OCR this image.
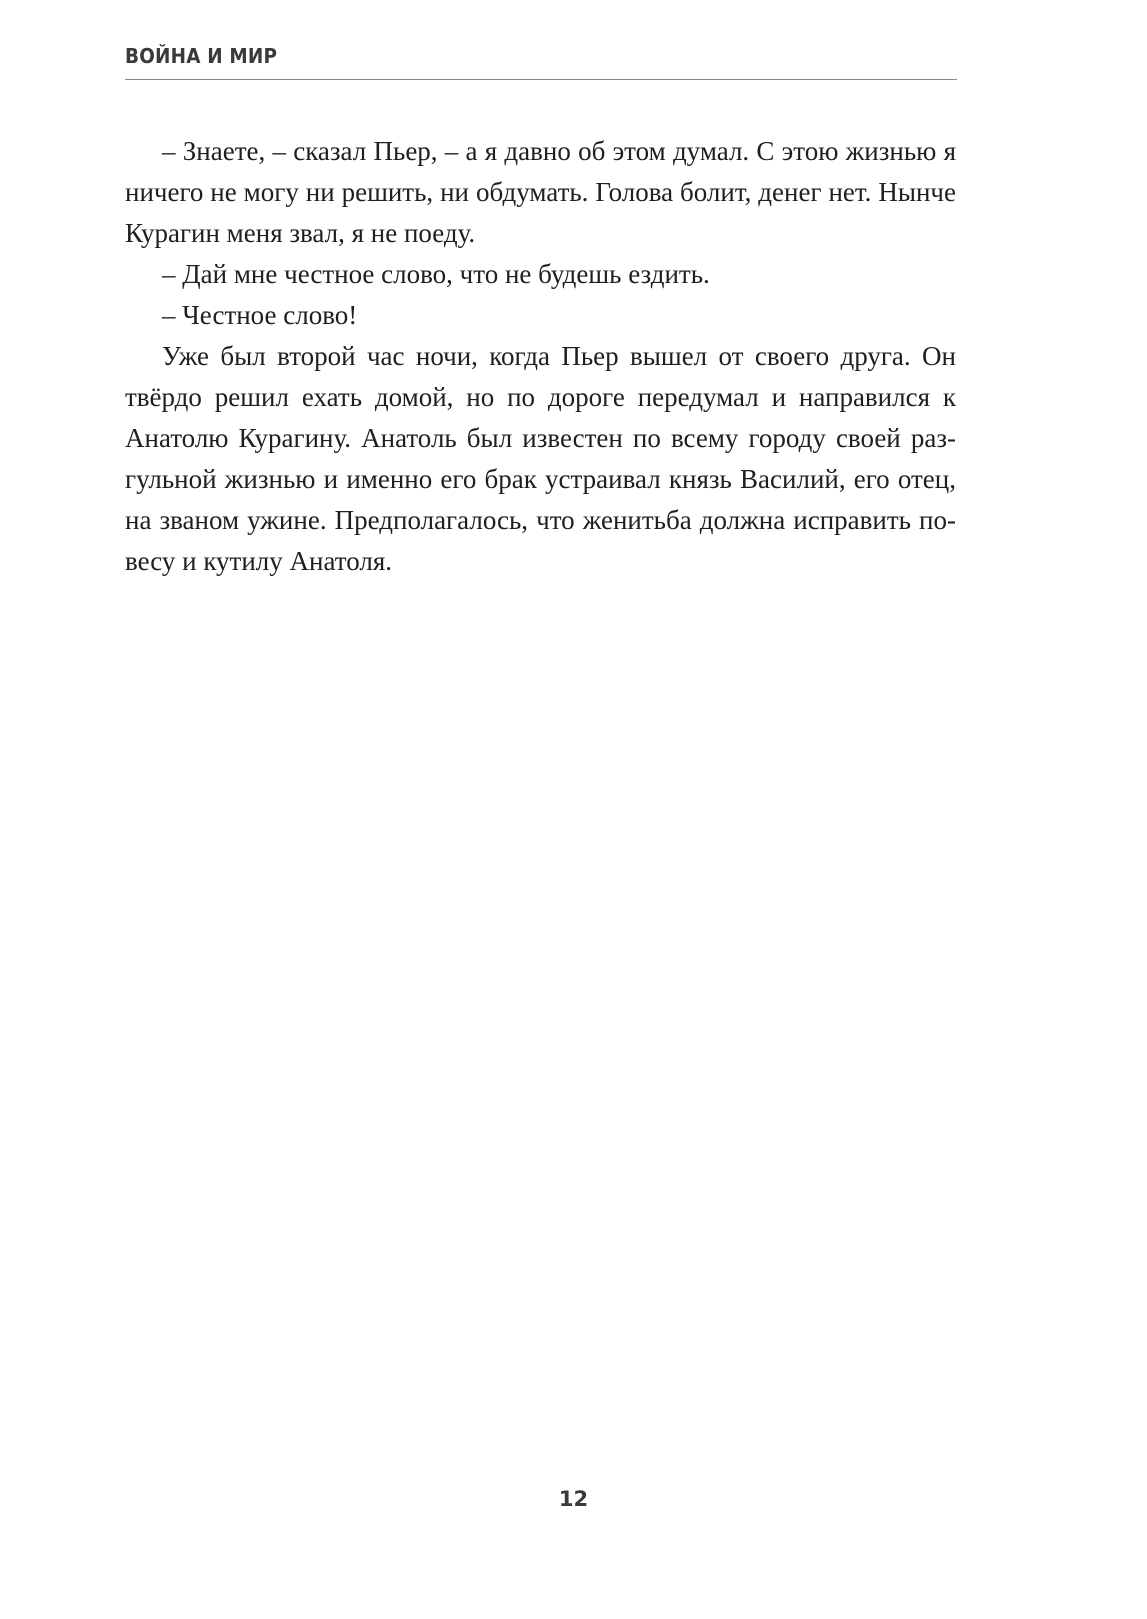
ВОЙНА И МИР

– Знаете, – сказал Пьер, – а я давно об этом думал. С этою жизнью я ничего не могу ни решить, ни обдумать. Голова болит, денег нет. Нынче Курагин меня звал, я не поеду.

– Дай мне честное слово, что не будешь ездить.

– Честное слово!

Уже был второй час ночи, когда Пьер вышел от своего друга. Он твёрдо решил ехать домой, но по дороге передумал и направился к Анатолю Курагину. Анатоль был известен по всему городу своей разгульной жизнью и именно его брак устраивал князь Василий, его отец, на званом ужине. Предполагалось, что женитьба должна исправить повесу и кутилу Анатоля.

12
